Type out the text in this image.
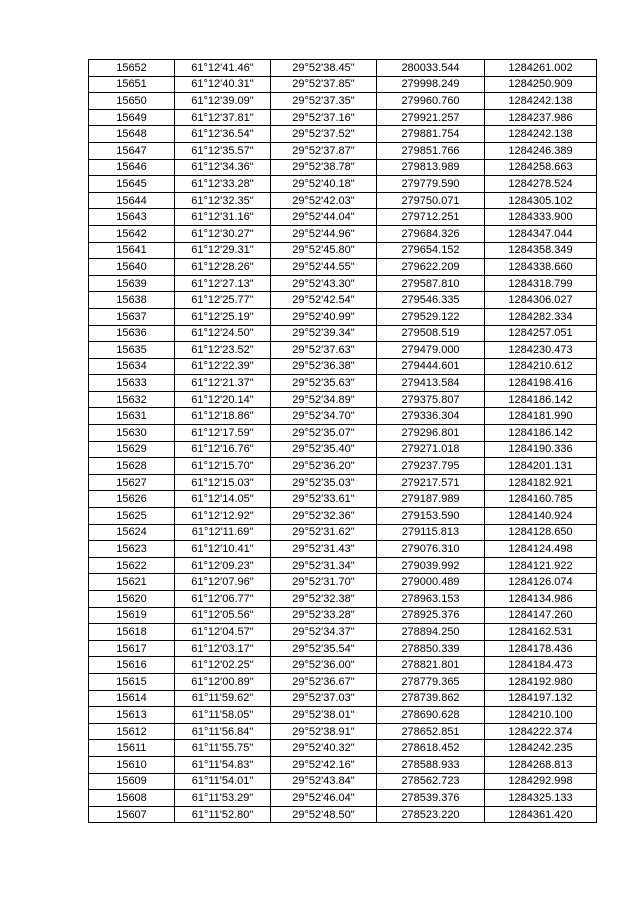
15652	61°12'41.46"	29°52'38.45"	280033.544	1284261.002
15651	61°12'40.31"	29°52'37.85"	279998.249	1284250.909
15650	61°12'39.09"	29°52'37.35"	279960.760	1284242.138
15649	61°12'37.81"	29°52'37.16"	279921.257	1284237.986
15648	61°12'36.54"	29°52'37.52"	279881.754	1284242.138
15647	61°12'35.57"	29°52'37.87"	279851.766	1284246.389
15646	61°12'34.36"	29°52'38.78"	279813.989	1284258.663
15645	61°12'33.28"	29°52'40.18"	279779.590	1284278.524
15644	61°12'32.35"	29°52'42.03"	279750.071	1284305.102
15643	61°12'31.16"	29°52'44.04"	279712.251	1284333.900
15642	61°12'30.27"	29°52'44.96"	279684.326	1284347.044
15641	61°12'29.31"	29°52'45.80"	279654.152	1284358.349
15640	61°12'28.26"	29°52'44.55"	279622.209	1284338.660
15639	61°12'27.13"	29°52'43.30"	279587.810	1284318.799
15638	61°12'25.77"	29°52'42.54"	279546.335	1284306.027
15637	61°12'25.19"	29°52'40.99"	279529.122	1284282.334
15636	61°12'24.50"	29°52'39.34"	279508.519	1284257.051
15635	61°12'23.52"	29°52'37.63"	279479.000	1284230.473
15634	61°12'22.39"	29°52'36.38"	279444.601	1284210.612
15633	61°12'21.37"	29°52'35.63"	279413.584	1284198.416
15632	61°12'20.14"	29°52'34.89"	279375.807	1284186.142
15631	61°12'18.86"	29°52'34.70"	279336.304	1284181.990
15630	61°12'17.59"	29°52'35.07"	279296.801	1284186.142
15629	61°12'16.76"	29°52'35.40"	279271.018	1284190.336
15628	61°12'15.70"	29°52'36.20"	279237.795	1284201.131
15627	61°12'15.03"	29°52'35.03"	279217.571	1284182.921
15626	61°12'14.05"	29°52'33.61"	279187.989	1284160.785
15625	61°12'12.92"	29°52'32.36"	279153.590	1284140.924
15624	61°12'11.69"	29°52'31.62"	279115.813	1284128.650
15623	61°12'10.41"	29°52'31.43"	279076.310	1284124.498
15622	61°12'09.23"	29°52'31.34"	279039.992	1284121.922
15621	61°12'07.96"	29°52'31.70"	279000.489	1284126.074
15620	61°12'06.77"	29°52'32.38"	278963.153	1284134.986
15619	61°12'05.56"	29°52'33.28"	278925.376	1284147.260
15618	61°12'04.57"	29°52'34.37"	278894.250	1284162.531
15617	61°12'03.17"	29°52'35.54"	278850.339	1284178.436
15616	61°12'02.25"	29°52'36.00"	278821.801	1284184.473
15615	61°12'00.89"	29°52'36.67"	278779.365	1284192.980
15614	61°11'59.62"	29°52'37.03"	278739.862	1284197.132
15613	61°11'58.05"	29°52'38.01"	278690.628	1284210.100
15612	61°11'56.84"	29°52'38.91"	278652.851	1284222.374
15611	61°11'55.75"	29°52'40.32"	278618.452	1284242.235
15610	61°11'54.83"	29°52'42.16"	278588.933	1284268.813
15609	61°11'54.01"	29°52'43.84"	278562.723	1284292.998
15608	61°11'53.29"	29°52'46.04"	278539.376	1284325.133
15607	61°11'52.80"	29°52'48.50"	278523.220	1284361.420
